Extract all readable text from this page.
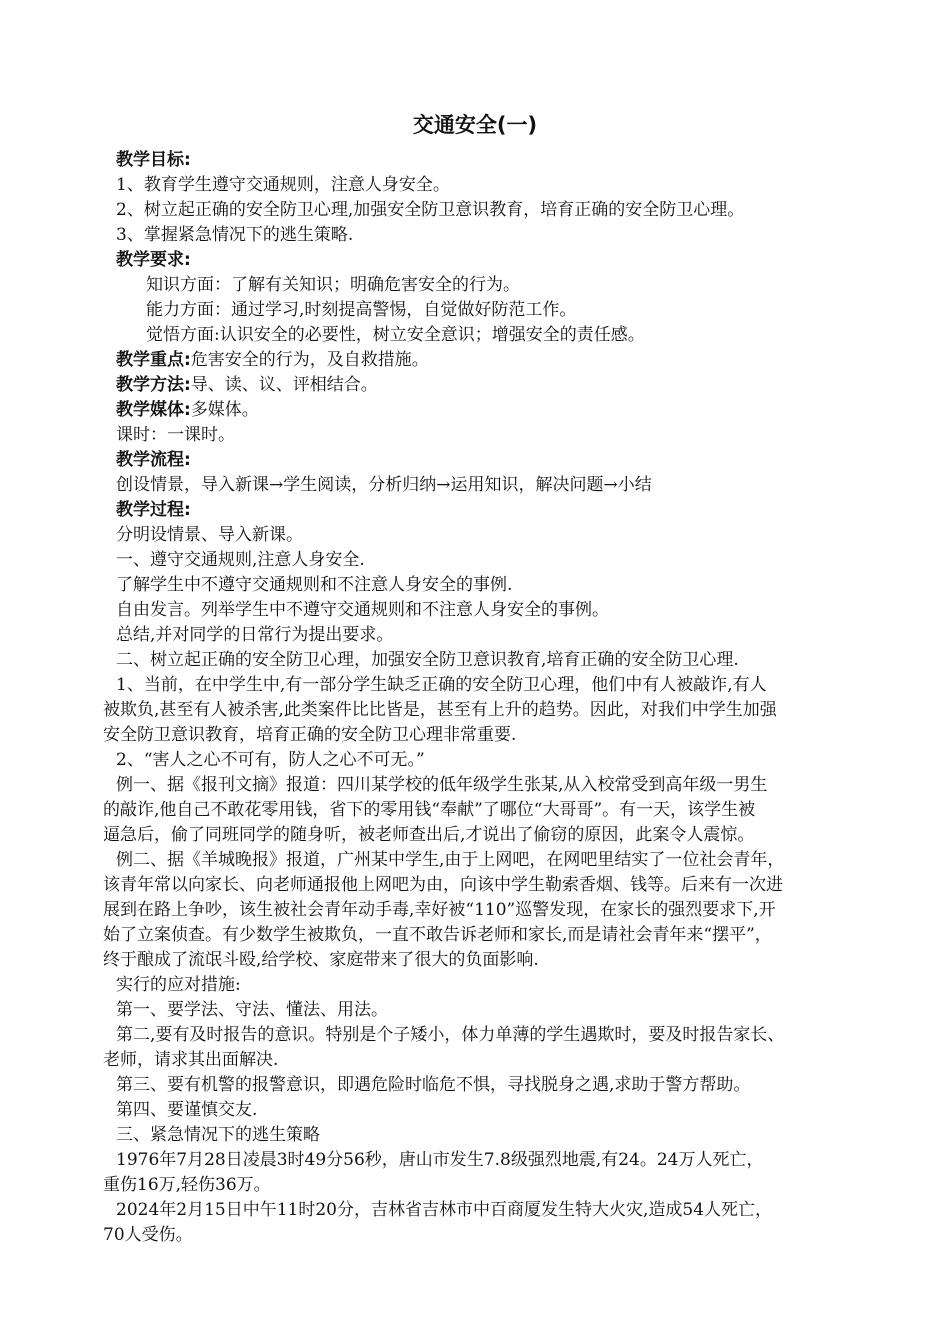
交通安全(一)
教学目标:
1、教育学生遵守交通规则，注意人身安全。
2、树立起正确的安全防卫心理,加强安全防卫意识教育，培育正确的安全防卫心理。
3、掌握紧急情况下的逃生策略.
教学要求:
知识方面：了解有关知识；明确危害安全的行为。
能力方面：通过学习,时刻提高警惕，自觉做好防范工作。
觉悟方面:认识安全的必要性，树立安全意识；增强安全的责任感。
教学重点:危害安全的行为，及自救措施。
教学方法:导、读、议、评相结合。
教学媒体:多媒体。
课时：一课时。
教学流程:
创设情景，导入新课→学生阅读，分析归纳→运用知识，解决问题→小结
教学过程:
分明设情景、导入新课。
一、遵守交通规则,注意人身安全.
了解学生中不遵守交通规则和不注意人身安全的事例.
自由发言。列举学生中不遵守交通规则和不注意人身安全的事例。
总结,并对同学的日常行为提出要求。
二、树立起正确的安全防卫心理，加强安全防卫意识教育,培育正确的安全防卫心理.
1、当前，在中学生中,有一部分学生缺乏正确的安全防卫心理，他们中有人被敲诈,有人
被欺负,甚至有人被杀害,此类案件比比皆是，甚至有上升的趋势。因此，对我们中学生加强
安全防卫意识教育，培育正确的安全防卫心理非常重要.
2、“害人之心不可有，防人之心不可无。”
例一、据《报刊文摘》报道：四川某学校的低年级学生张某,从入校常受到高年级一男生
的敲诈,他自己不敢花零用钱，省下的零用钱“奉献”了哪位“大哥哥”。有一天，该学生被
逼急后，偷了同班同学的随身听，被老师查出后,才说出了偷窃的原因，此案令人震惊。
例二、据《羊城晚报》报道，广州某中学生,由于上网吧，在网吧里结实了一位社会青年，
该青年常以向家长、向老师通报他上网吧为由，向该中学生勒索香烟、钱等。后来有一次进
展到在路上争吵，该生被社会青年动手毒,幸好被“110”巡警发现，在家长的强烈要求下,开
始了立案侦查。有少数学生被欺负，一直不敢告诉老师和家长,而是请社会青年来“摆平”，
终于酿成了流氓斗殴,给学校、家庭带来了很大的负面影响.
实行的应对措施:
第一、要学法、守法、懂法、用法。
第二,要有及时报告的意识。特别是个子矮小，体力单薄的学生遇欺时，要及时报告家长、
老师，请求其出面解决.
第三、要有机警的报警意识，即遇危险时临危不惧，寻找脱身之遇,求助于警方帮助。
第四、要谨慎交友.
三、紧急情况下的逃生策略
1976年7月28日凌晨3时49分56秒，唐山市发生7.8级强烈地震,有24。24万人死亡，
重伤16万,轻伤36万。
2024年2月15日中午11时20分，吉林省吉林市中百商厦发生特大火灾,造成54人死亡，
70人受伤。
